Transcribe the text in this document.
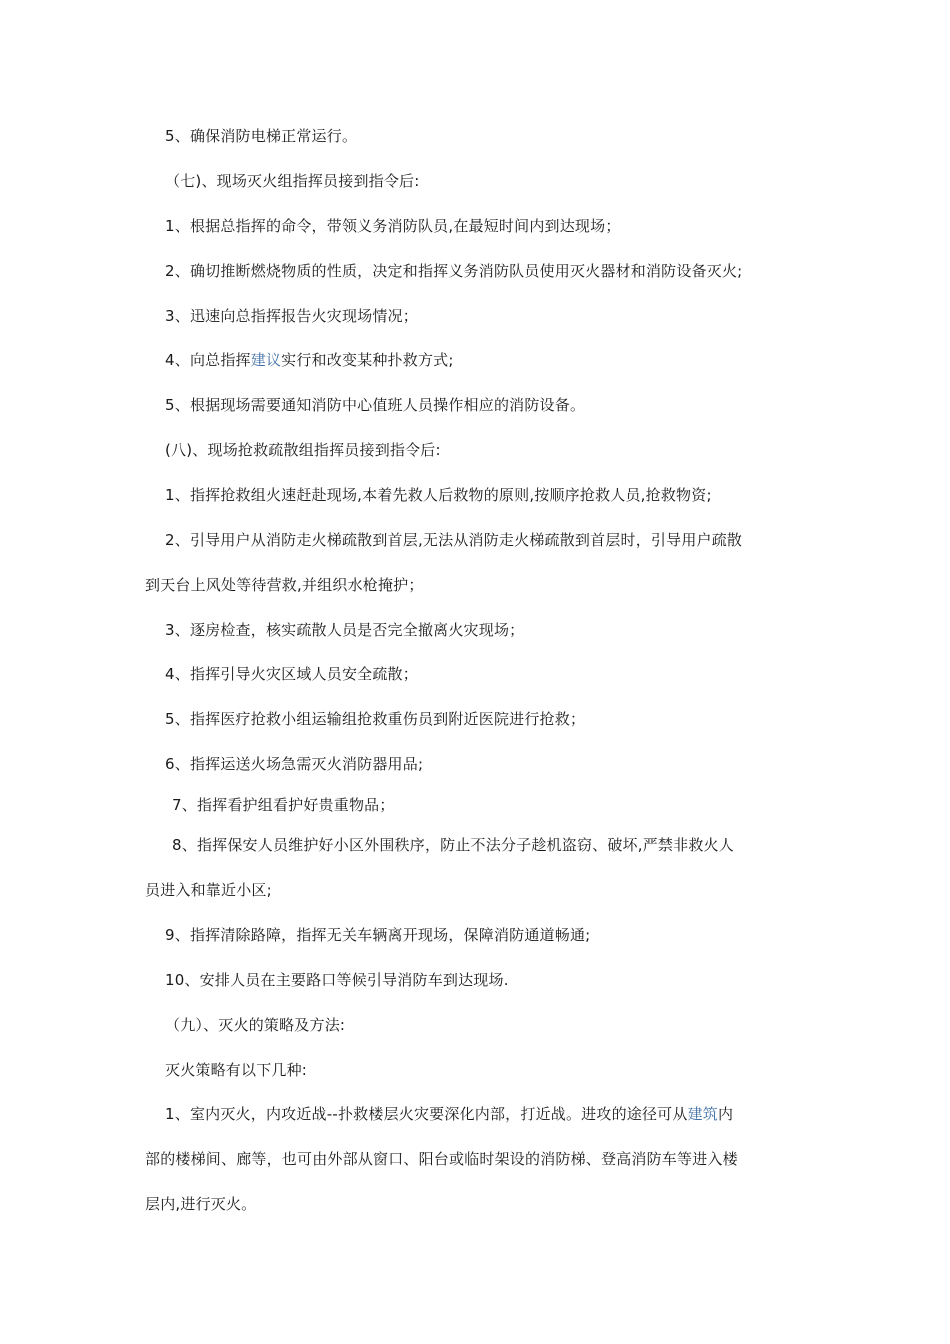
5、确保消防电梯正常运行。
（七)、现场灭火组指挥员接到指令后:
1、根据总指挥的命令，带领义务消防队员,在最短时间内到达现场；
2、确切推断燃烧物质的性质，决定和指挥义务消防队员使用灭火器材和消防设备灭火;
3、迅速向总指挥报告火灾现场情况；
4、向总指挥建议实行和改变某种扑救方式;
5、根据现场需要通知消防中心值班人员操作相应的消防设备。
(八)、现场抢救疏散组指挥员接到指令后:
1、指挥抢救组火速赶赴现场,本着先救人后救物的原则,按顺序抢救人员,抢救物资;
2、引导用户从消防走火梯疏散到首层,无法从消防走火梯疏散到首层时，引导用户疏散
到天台上风处等待营救,并组织水枪掩护；
3、逐房检查，核实疏散人员是否完全撤离火灾现场；
4、指挥引导火灾区域人员安全疏散；
5、指挥医疗抢救小组运输组抢救重伤员到附近医院进行抢救；
6、指挥运送火场急需灭火消防器用品;
7、指挥看护组看护好贵重物品；
8、指挥保安人员维护好小区外围秩序，防止不法分子趁机盗窃、破坏,严禁非救火人
员进入和靠近小区;
9、指挥清除路障，指挥无关车辆离开现场，保障消防通道畅通;
10、安排人员在主要路口等候引导消防车到达现场.
（九）、灭火的策略及方法:
灭火策略有以下几种:
1、室内灭火，内攻近战--扑救楼层火灾要深化内部，打近战。进攻的途径可从建筑内
部的楼梯间、廊等，也可由外部从窗口、阳台或临时架设的消防梯、登高消防车等进入楼
层内,进行灭火。
